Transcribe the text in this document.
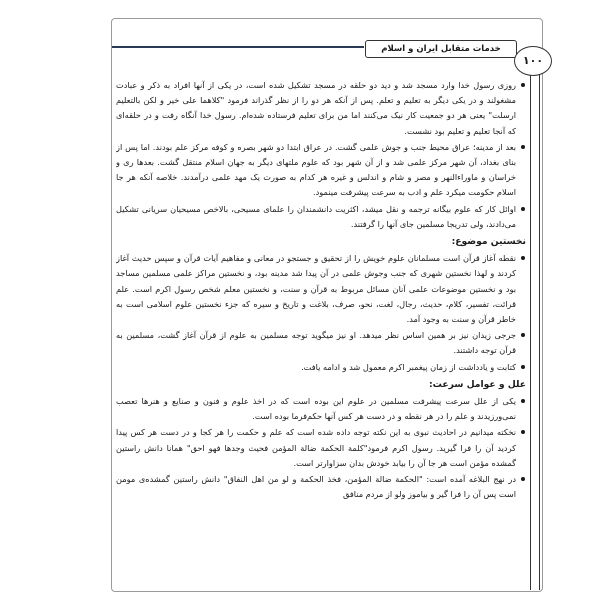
خدمات متقابل ایران و اسلام
۱۰۰

روزی رسول خدا وارد مسجد شد و دید دو حلقه در مسجد تشکیل شده است، در یکی از آنها افراد به ذکر و عبادت مشغولند و در یکی دیگر به تعلیم و تعلم. پس از آنکه هر دو را از نظر گذراند فرمود "کلاهما علی خیر و لکن بالتعلیم ارسلت" یعنی هر دو جمعیت کار نیک می‌کنند اما من برای تعلیم فرستاده شده‌ام. رسول خدا آنگاه رفت و در حلقه‌ای که آنجا تعلیم و تعلیم بود نشست.

بعد از مدینه؛ عراق محیط جنب و جوش علمی گشت. در عراق ابتدا دو شهر بصره و کوفه مرکز علم بودند. اما پس از بنای بغداد، آن شهر مرکز علمی شد و از آن شهر بود که علوم ملتهای دیگر به جهان اسلام منتقل گشت. بعدها ری و خراسان و ماوراءالنهر و مصر و شام و اندلس و غیره هر کدام به صورت یک مهد علمی درآمدند. خلاصه آنکه هر جا اسلام حکومت میکرد علم و ادب به سرعت پیشرفت مینمود.

اوائل کار که علوم بیگانه ترجمه و نقل میشد، اکثریت دانشمندان را علمای مسیحی، بالاخص مسیحیان سریانی تشکیل می‌دادند، ولی تدریجا مسلمین جای آنها را گرفتند.

نخستین موضوع:

نقطه آغاز قرآن است مسلمانان علوم خویش را از تحقیق و جستجو در معانی و مفاهیم آیات قرآن و سپس حدیث آغاز کردند و لهذا نخستین شهری که جنب وجوش علمی در آن پیدا شد مدینه بود، و نخستین مراکز علمی مسلمین مساجد بود و نخستین موضوعات علمی آنان مسائل مربوط به قرآن و سنت، و نخستین معلم شخص رسول اکرم است. علم قرائت، تفسیر، کلام، حدیث، رجال، لغت، نحو، صرف، بلاغت و تاریخ و سیره که جزء نخستین علوم اسلامی است به خاطر قرآن و سنت به وجود آمد.

جرجی زیدان نیز بر همین اساس نظر میدهد. او نیز میگوید توجه مسلمین به علوم از قرآن آغاز گشت، مسلمین به قرآن توجه داشتند.

کتابت و یادداشت از زمان پیغمبر اکرم معمول شد و ادامه یافت.

علل و عوامل سرعت:

یکی از علل سرعت پیشرفت مسلمین در علوم این بوده است که در اخذ علوم و فنون و صنایع و هنرها تعصب نمی‌ورزیدند و علم را در هر نقطه و در دست هر کس آنها حکم‌فرما بوده است.

نخکته میدانیم در احادیث نبوی به این نکته توجه داده شده است که علم و حکمت را هر کجا و در دست هر کس پیدا کردید آن را فرا گیرید. رسول اکرم فرمود"کلمة الحکمة ضالة المؤمن فحیث وجدها فهو احق" همانا دانش راستین گمشده مؤمن است هر جا آن را بیابد خودش بدان سزاوارتر است.

در نهج البلاغه آمده است: "الحکمة ضالة المؤمن، فخذ الحکمة و لو من اهل النفاق" دانش راستین گمشده‌ی مومن است پس آن را فرا گیر و بیاموز ولو از مردم منافق
